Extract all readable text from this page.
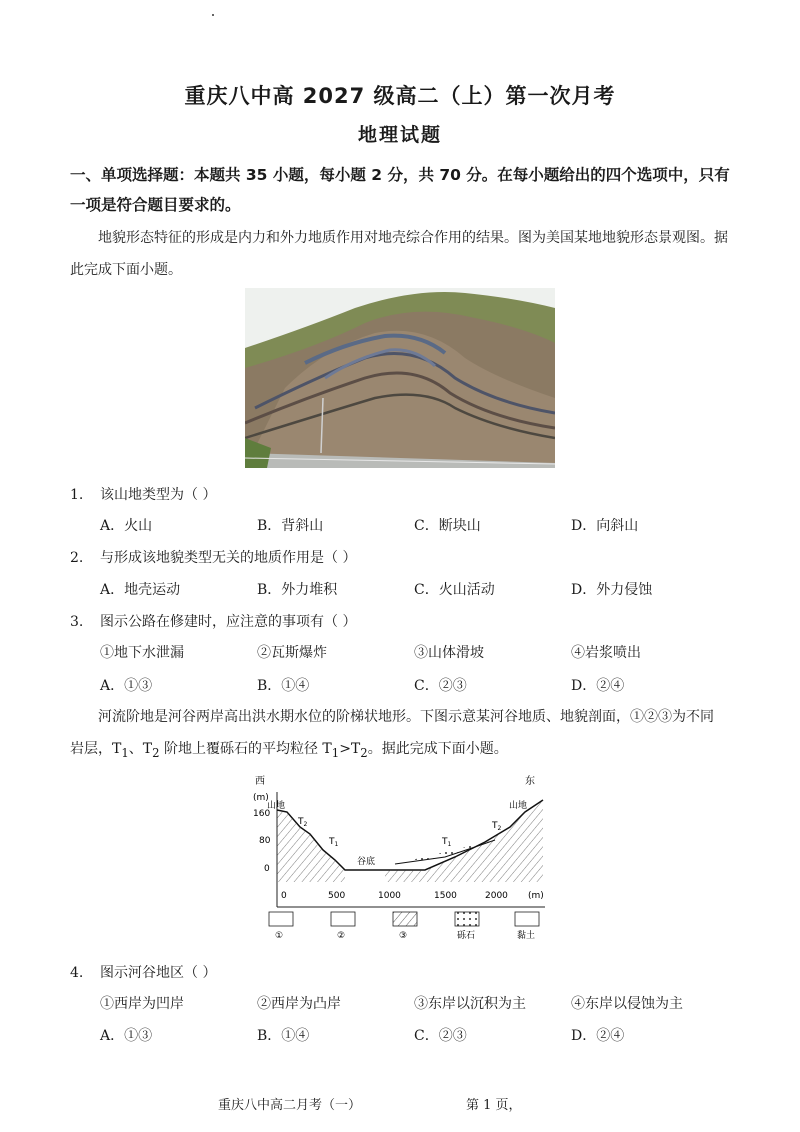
重庆八中高 2027 级高二（上）第一次月考
地理试题
一、单项选择题：本题共 35 小题，每小题 2 分，共 70 分。在每小题给出的四个选项中，只有一项是符合题目要求的。
地貌形态特征的形成是内力和外力地质作用对地壳综合作用的结果。图为美国某地地貌形态景观图。据此完成下面小题。
1. 该山地类型为（ ）
A．火山	B．背斜山	C．断块山	D．向斜山
2. 与形成该地貌类型无关的地质作用是（ ）
A．地壳运动	B．外力堆积	C．火山活动	D．外力侵蚀
3. 图示公路在修建时，应注意的事项有（ ）
①地下水泄漏	②瓦斯爆炸	③山体滑坡	④岩浆喷出
A．①③	B．①④	C．②③	D．②④
河流阶地是河谷两岸高出洪水期水位的阶梯状地形。下图示意某河谷地质、地貌剖面，①②③为不同
岩层，$T_1$、$T_2$ 阶地上覆砾石的平均粒径 $T_1>T_2$。据此完成下面小题。
西	东
(m)
160
80
0
0	500	1000	1500	2000 (m)
山地	山地
$T_2$
$T_1$	$T_1$
$T_2$
谷底
①	②	③	砾石	黏土
4. 图示河谷地区（ ）
①西岸为凹岸	②西岸为凸岸	③东岸以沉积为主	④东岸以侵蚀为主
A．①③	B．①④	C．②③	D．②④
重庆八中高二月考（一）	第 1 页，
